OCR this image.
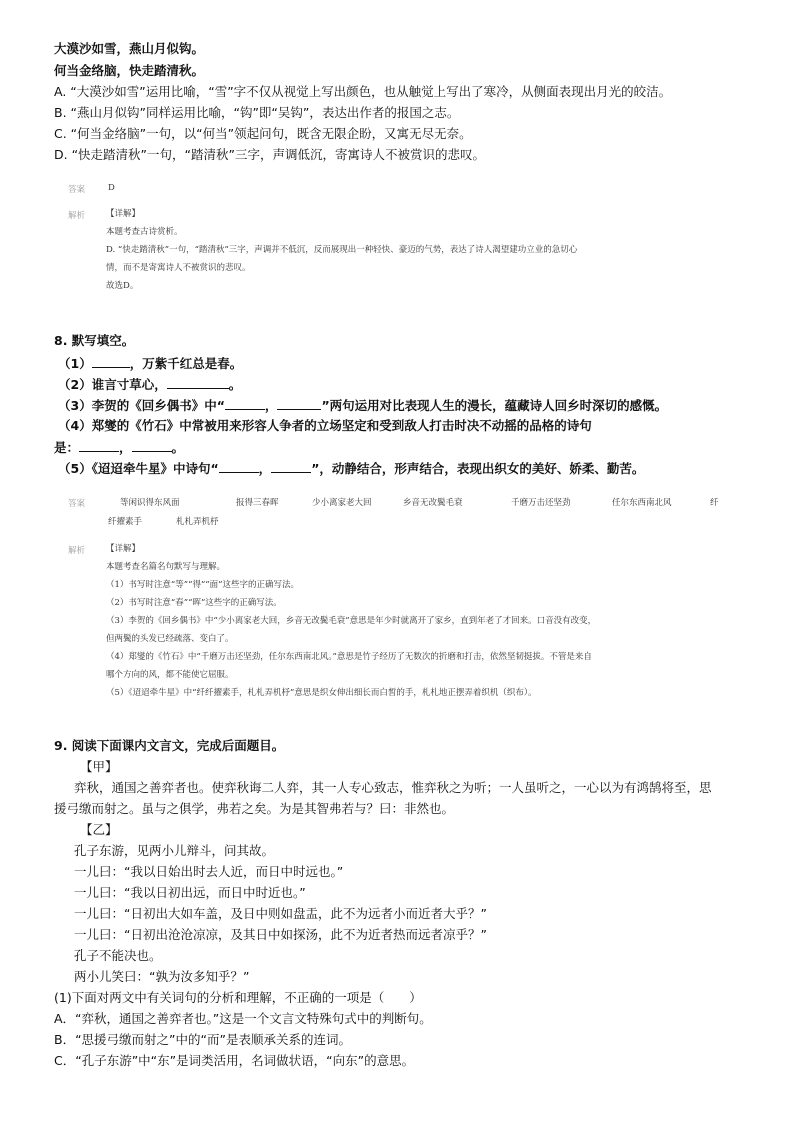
大漠沙如雪，燕山月似钩。
何当金络脑，快走踏清秋。
A. “大漠沙如雪”运用比喻，“雪”字不仅从视觉上写出颜色，也从触觉上写出了寒冷，从侧面表现出月光的皎洁。
B. “燕山月似钩”同样运用比喻，“钩”即“吴钩”，表达出作者的报国之志。
C. “何当金络脑”一句，以“何当”领起问句，既含无限企盼，又寓无尽无奈。
D. “快走踏清秋”一句，“踏清秋”三字，声调低沉，寄寓诗人不被赏识的悲叹。
答案	D
解析 【详解】
本题考查古诗赏析。
D. “快走踏清秋”一句，“踏清秋”三字，声调并不低沉，反而展现出一种轻快、豪迈的气势，表达了诗人渴望建功立业的急切心
情，而不是寄寓诗人不被赏识的悲叹。
故选D。
8. 默写填空。
（1）	，万紫千红总是春。
（2）谁言寸草心，	。
（3）李贺的《回乡偶书》中“	，	”两句运用对比表现人生的漫长，蕴藏诗人回乡时深切的感慨。
（4）郑燮的《竹石》中常被用来形容人争者的立场坚定和受到敌人打击时决不动摇的品格的诗句
是：	，	。
（5）《迢迢牵牛星》中诗句“	，	”，动静结合，形声结合，表现出织女的美好、娇柔、勤苦。
答案	等闲识得东风面	报得三春晖	少小离家老大回	乡音无改鬓毛衰	千磨万击还坚劲	任尔东西南北风	纤
纤擢素手	札札弄机杼
解析 【详解】
本题考查名篇名句默写与理解。
（1）书写时注意“等”“得”“面”这些字的正确写法。
（2）书写时注意“春”“晖”这些字的正确写法。
（3）李贺的《回乡偶书》中“少小离家老大回，乡音无改鬓毛衰”意思是年少时就离开了家乡，直到年老了才回来。口音没有改变，
但两鬓的头发已经疏落、变白了。
（4）郑燮的《竹石》中“千磨万击还坚劲，任尔东西南北风。”意思是竹子经历了无数次的折磨和打击，依然坚韧挺拔。不管是来自
哪个方向的风，都不能使它屈服。
（5）《迢迢牵牛星》中“纤纤擢素手，札札弄机杼”意思是织女伸出细长而白皙的手，札札地正摆弄着织机（织布）。
9. 阅读下面课内文言文，完成后面题目。
【甲】
弈秋，通国之善弈者也。使弈秋诲二人弈，其一人专心致志，惟弈秋之为听；一人虽听之，一心以为有鸿鹄将至，思
援弓缴而射之。虽与之俱学，弗若之矣。为是其智弗若与？曰：非然也。
【乙】
孔子东游，见两小儿辩斗，问其故。
一儿曰：“我以日始出时去人近，而日中时远也。”
一儿曰：“我以日初出远，而日中时近也。”
一儿曰：“日初出大如车盖，及日中则如盘盂，此不为远者小而近者大乎？”
一儿曰：“日初出沧沧凉凉，及其日中如探汤，此不为近者热而远者凉乎？”
孔子不能决也。
两小儿笑曰：“孰为汝多知乎？”
(1)下面对两文中有关词句的分析和理解，不正确的一项是（　　）
A．“弈秋，通国之善弈者也。”这是一个文言文特殊句式中的判断句。
B．“思援弓缴而射之”中的“而”是表顺承关系的连词。
C．“孔子东游”中“东”是词类活用，名词做状语，“向东”的意思。
